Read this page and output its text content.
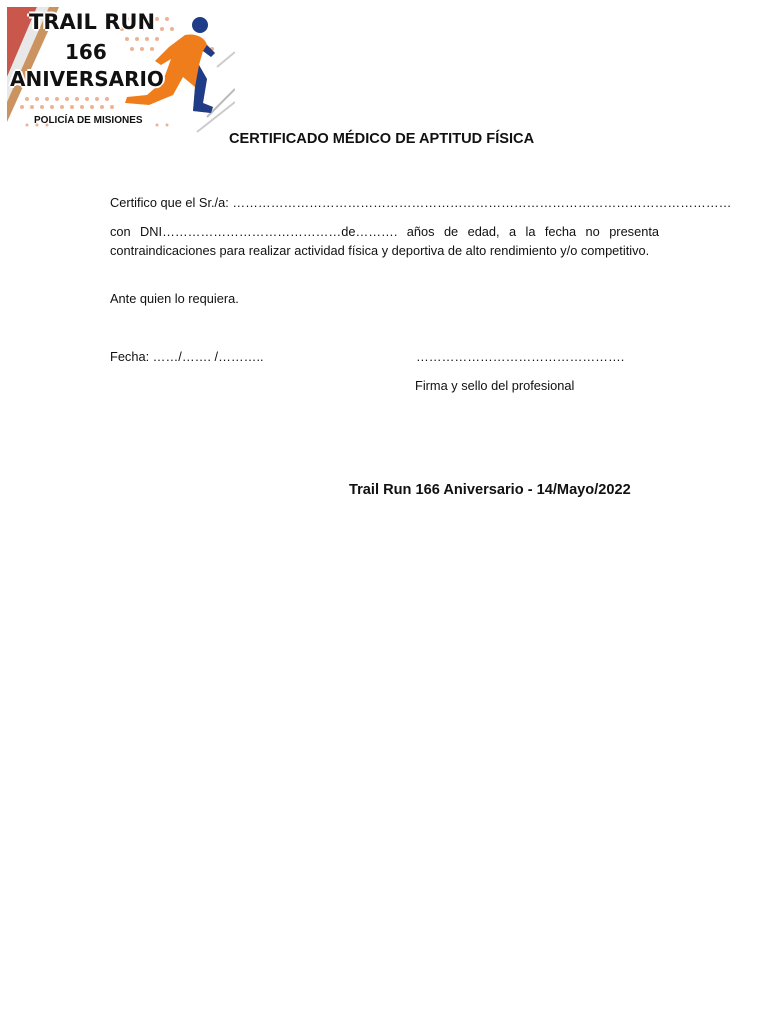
TRAIL RUN
166
ANIVERSARIO
POLICÍA DE MISIONES
CERTIFICADO MÉDICO DE APTITUD FÍSICA
Certifico que el Sr./a: ………………………………………………………………………………………………………
con DNI……………………………………de………. años de edad, a la fecha no presenta contraindicaciones para realizar actividad física y deportiva de alto rendimiento y/o competitivo.
Ante quien lo requiera.
Fecha: ……/……. /………..	………………………………………….
Firma y sello del profesional
Trail Run 166 Aniversario - 14/Mayo/2022
